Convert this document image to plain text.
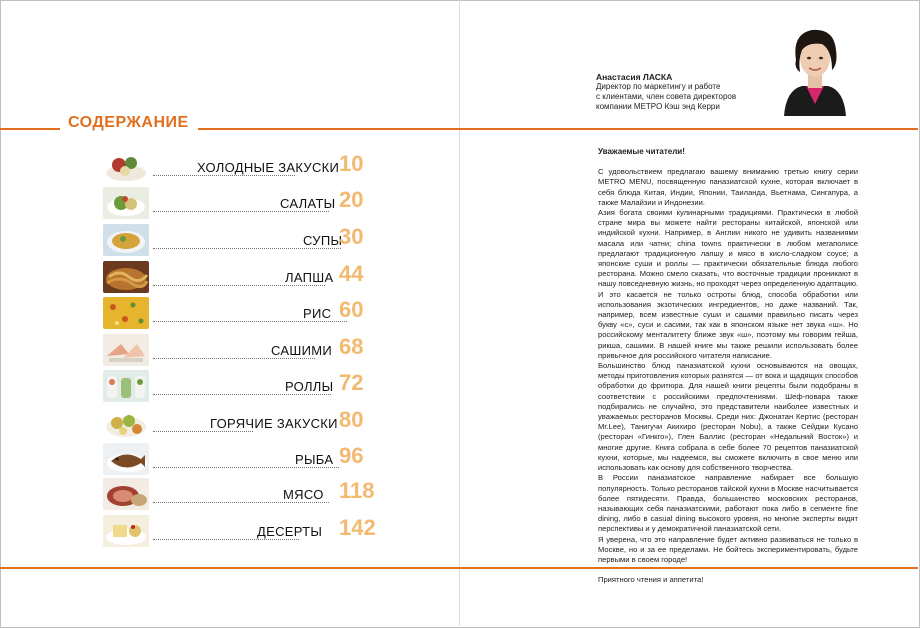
СОДЕРЖАНИЕ
ХОЛОДНЫЕ ЗАКУСКИ 10
САЛАТЫ 20
СУПЫ
30
ЛАПША 44
РИС 60
САШИМИ 68
РОЛЛЫ 72
ГОРЯЧИЕ ЗАКУСКИ 80
РЫБА 96
МЯСО 118
ДЕСЕРТЫ 142
Анастасия ЛАСКА
Директор по маркетингу и работе
с клиентами, член совета директоров
компании METPO Кэш энд Керри
Уважаемые читатели!

С удовольствием предлагаю вашему вниманию третью книгу серии METRO MENU, посвященную паназиатской кухне, которая включает в себя блюда Китая, Индии, Японии, Таиланда, Вьетнама, Сингапура, а также Малайзии и Индонезии.

Азия богата своими кулинарными традициями. Практически в любой стране мира вы можете найти рестораны китайской, японской или индийской кухни. Например, в Англии никого не удивить названиями масала или чатни; china towns практически в любом мегаполисе предлагают традиционную лапшу и мясо в кисло-сладком соусе; а японские суши и роллы — практически обязательные блюда любого ресторана. Можно смело сказать, что восточные традиции проникают в нашу повседневную жизнь, но проходят через определенную адаптацию. И это касается не только остроты блюд, способа обработки или использования экзотических ингредиентов, но даже названий. Так, например, всем известные суши и сашими правильно писать через букву «с», суси и сасими, так как в японском языке нет звука «ш». Но российскому менталитету ближе звук «ш», поэтому мы говорим гейша, рикша, сашими. В нашей книге мы также решили использовать более привычное для российского читателя написание.

Большинство блюд паназиатской кухни основываются на овощах, методы приготовления которых разнятся — от вока и щадящих способов обработки до фритюра. Для нашей книги рецепты были подобраны в соответствии с российскими предпочтениями. Шеф-повара также подбирались не случайно, это представители наиболее известных и уважаемых ресторанов Москвы. Среди них: Джонатан Кертис (ресторан Mr.Lee), Танигучи Акихиро (ресторан Nobu), а также Сейджи Кусано (ресторан «Гинкго»), Глен Баллис (ресторан «Недальний Восток») и многие другие. Книга собрала в себе более 70 рецептов паназиатской кухни, которые, мы надеемся, вы сможете включить в свое меню или использовать как основу для собственного творчества.

В России паназиатское направление набирает все большую популярность. Только ресторанов тайской кухни в Москве насчитывается более пятидесяти. Правда, большинство московских ресторанов, называющих себя паназиатскими, работают пока либо в сегменте fine dining, либо в casual dining высокого уровня, но многие эксперты видят перспективы и у демократичной паназиатской сети.

Я уверена, что это направление будет активно развиваться не только в Москве, но и за ее пределами. Не бойтесь экспериментировать, будьте первыми в своем городе!

Приятного чтения и аппетита!
